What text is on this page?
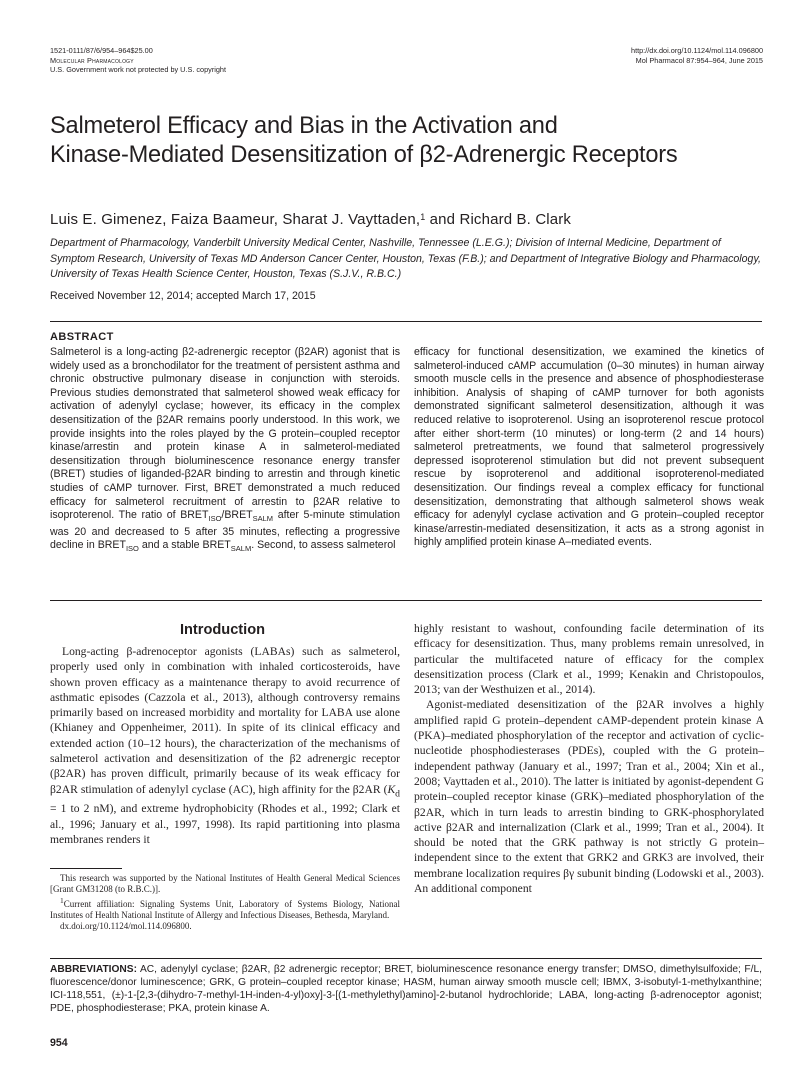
1521-0111/87/6/954–964$25.00
Molecular Pharmacology
U.S. Government work not protected by U.S. copyright
http://dx.doi.org/10.1124/mol.114.096800
Mol Pharmacol 87:954–964, June 2015
Salmeterol Efficacy and Bias in the Activation and
Kinase-Mediated Desensitization of β2-Adrenergic Receptors
Luis E. Gimenez, Faiza Baameur, Sharat J. Vayttaden,$^1$ and Richard B. Clark
Department of Pharmacology, Vanderbilt University Medical Center, Nashville, Tennessee (L.E.G.); Division of Internal Medicine, Department of Symptom Research, University of Texas MD Anderson Cancer Center, Houston, Texas (F.B.); and Department of Integrative Biology and Pharmacology, University of Texas Health Science Center, Houston, Texas (S.J.V., R.B.C.)
Received November 12, 2014; accepted March 17, 2015
ABSTRACT
Salmeterol is a long-acting β2-adrenergic receptor (β2AR) agonist that is widely used as a bronchodilator for the treatment of persistent asthma and chronic obstructive pulmonary disease in conjunction with steroids. Previous studies demonstrated that salmeterol showed weak efficacy for activation of adenylyl cyclase; however, its efficacy in the complex desensitization of the β2AR remains poorly understood. In this work, we provide insights into the roles played by the G protein–coupled receptor kinase/arrestin and protein kinase A in salmeterol-mediated desensitization through bioluminescence resonance energy transfer (BRET) studies of liganded-β2AR binding to arrestin and through kinetic studies of cAMP turnover. First, BRET demonstrated a much reduced efficacy for salmeterol recruitment of arrestin to β2AR relative to isoproterenol. The ratio of $BRET_{ISO}/BRET_{SALM}$ after 5-minute stimulation was 20 and decreased to 5 after 35 minutes, reflecting a progressive decline in $BRET_{ISO}$ and a stable $BRET_{SALM}$. Second, to assess salmeterol
efficacy for functional desensitization, we examined the kinetics of salmeterol-induced cAMP accumulation (0–30 minutes) in human airway smooth muscle cells in the presence and absence of phosphodiesterase inhibition. Analysis of shaping of cAMP turnover for both agonists demonstrated significant salmeterol desensitization, although it was reduced relative to isoproterenol. Using an isoproterenol rescue protocol after either short-term (10 minutes) or long-term (2 and 14 hours) salmeterol pretreatments, we found that salmeterol progressively depressed isoproterenol stimulation but did not prevent subsequent rescue by isoproterenol and additional isoproterenol-mediated desensitization. Our findings reveal a complex efficacy for functional desensitization, demonstrating that although salmeterol shows weak efficacy for adenylyl cyclase activation and G protein–coupled receptor kinase/arrestin-mediated desensitization, it acts as a strong agonist in highly amplified protein kinase A–mediated events.
Introduction

Long-acting β-adrenoceptor agonists (LABAs) such as salmeterol, properly used only in combination with inhaled corticosteroids, have shown proven efficacy as a maintenance therapy to avoid recurrence of asthmatic episodes (Cazzola et al., 2013), although controversy remains primarily based on increased morbidity and mortality for LABA use alone (Khianey and Oppenheimer, 2011). In spite of its clinical efficacy and extended action (10–12 hours), the characterization of the mechanisms of salmeterol activation and desensitization of the β2 adrenergic receptor (β2AR) has proven difficult, primarily because of its weak efficacy for β2AR stimulation of adenylyl cyclase (AC), high affinity for the β2AR ($K_d = 1$ to 2 nM), and extreme hydrophobicity (Rhodes et al., 1992; Clark et al., 1996; January et al., 1997, 1998). Its rapid partitioning into plasma membranes renders it

highly resistant to washout, confounding facile determination of its efficacy for desensitization. Thus, many problems remain unresolved, in particular the multifaceted nature of efficacy for the complex desensitization process (Clark et al., 1999; Kenakin and Christopoulos, 2013; van der Westhuizen et al., 2014).

Agonist-mediated desensitization of the β2AR involves a highly amplified rapid G protein–dependent cAMP-dependent protein kinase A (PKA)–mediated phosphorylation of the receptor and activation of cyclic-nucleotide phosphodiesterases (PDEs), coupled with the G protein–independent pathway (January et al., 1997; Tran et al., 2004; Xin et al., 2008; Vayttaden et al., 2010). The latter is initiated by agonist-dependent G protein–coupled receptor kinase (GRK)–mediated phosphorylation of the β2AR, which in turn leads to arrestin binding to GRK-phosphorylated active β2AR and internalization (Clark et al., 1999; Tran et al., 2004). It should be noted that the GRK pathway is not strictly G protein–independent since to the extent that GRK2 and GRK3 are involved, their membrane localization requires βγ subunit binding (Lodowski et al., 2003). An additional component

This research was supported by the National Institutes of Health General Medical Sciences [Grant GM31208 (to R.B.C.)].

$^1$Current affiliation: Signaling Systems Unit, Laboratory of Systems Biology, National Institutes of Health National Institute of Allergy and Infectious Diseases, Bethesda, Maryland.

dx.doi.org/10.1124/mol.114.096800.

ABBREVIATIONS: AC, adenylyl cyclase; β2AR, β2 adrenergic receptor; BRET, bioluminescence resonance energy transfer; DMSO, dimethylsulfoxide; F/L, fluorescence/donor luminescence; GRK, G protein–coupled receptor kinase; HASM, human airway smooth muscle cell; IBMX, 3-isobutyl-1-methylxanthine; ICI-118,551, (±)-1-[2,3-(dihydro-7-methyl-1H-inden-4-yl)oxy]-3-[(1-methylethyl)amino]-2-butanol hydrochloride; LABA, long-acting β-adrenoceptor agonist; PDE, phosphodiesterase; PKA, protein kinase A.
954
